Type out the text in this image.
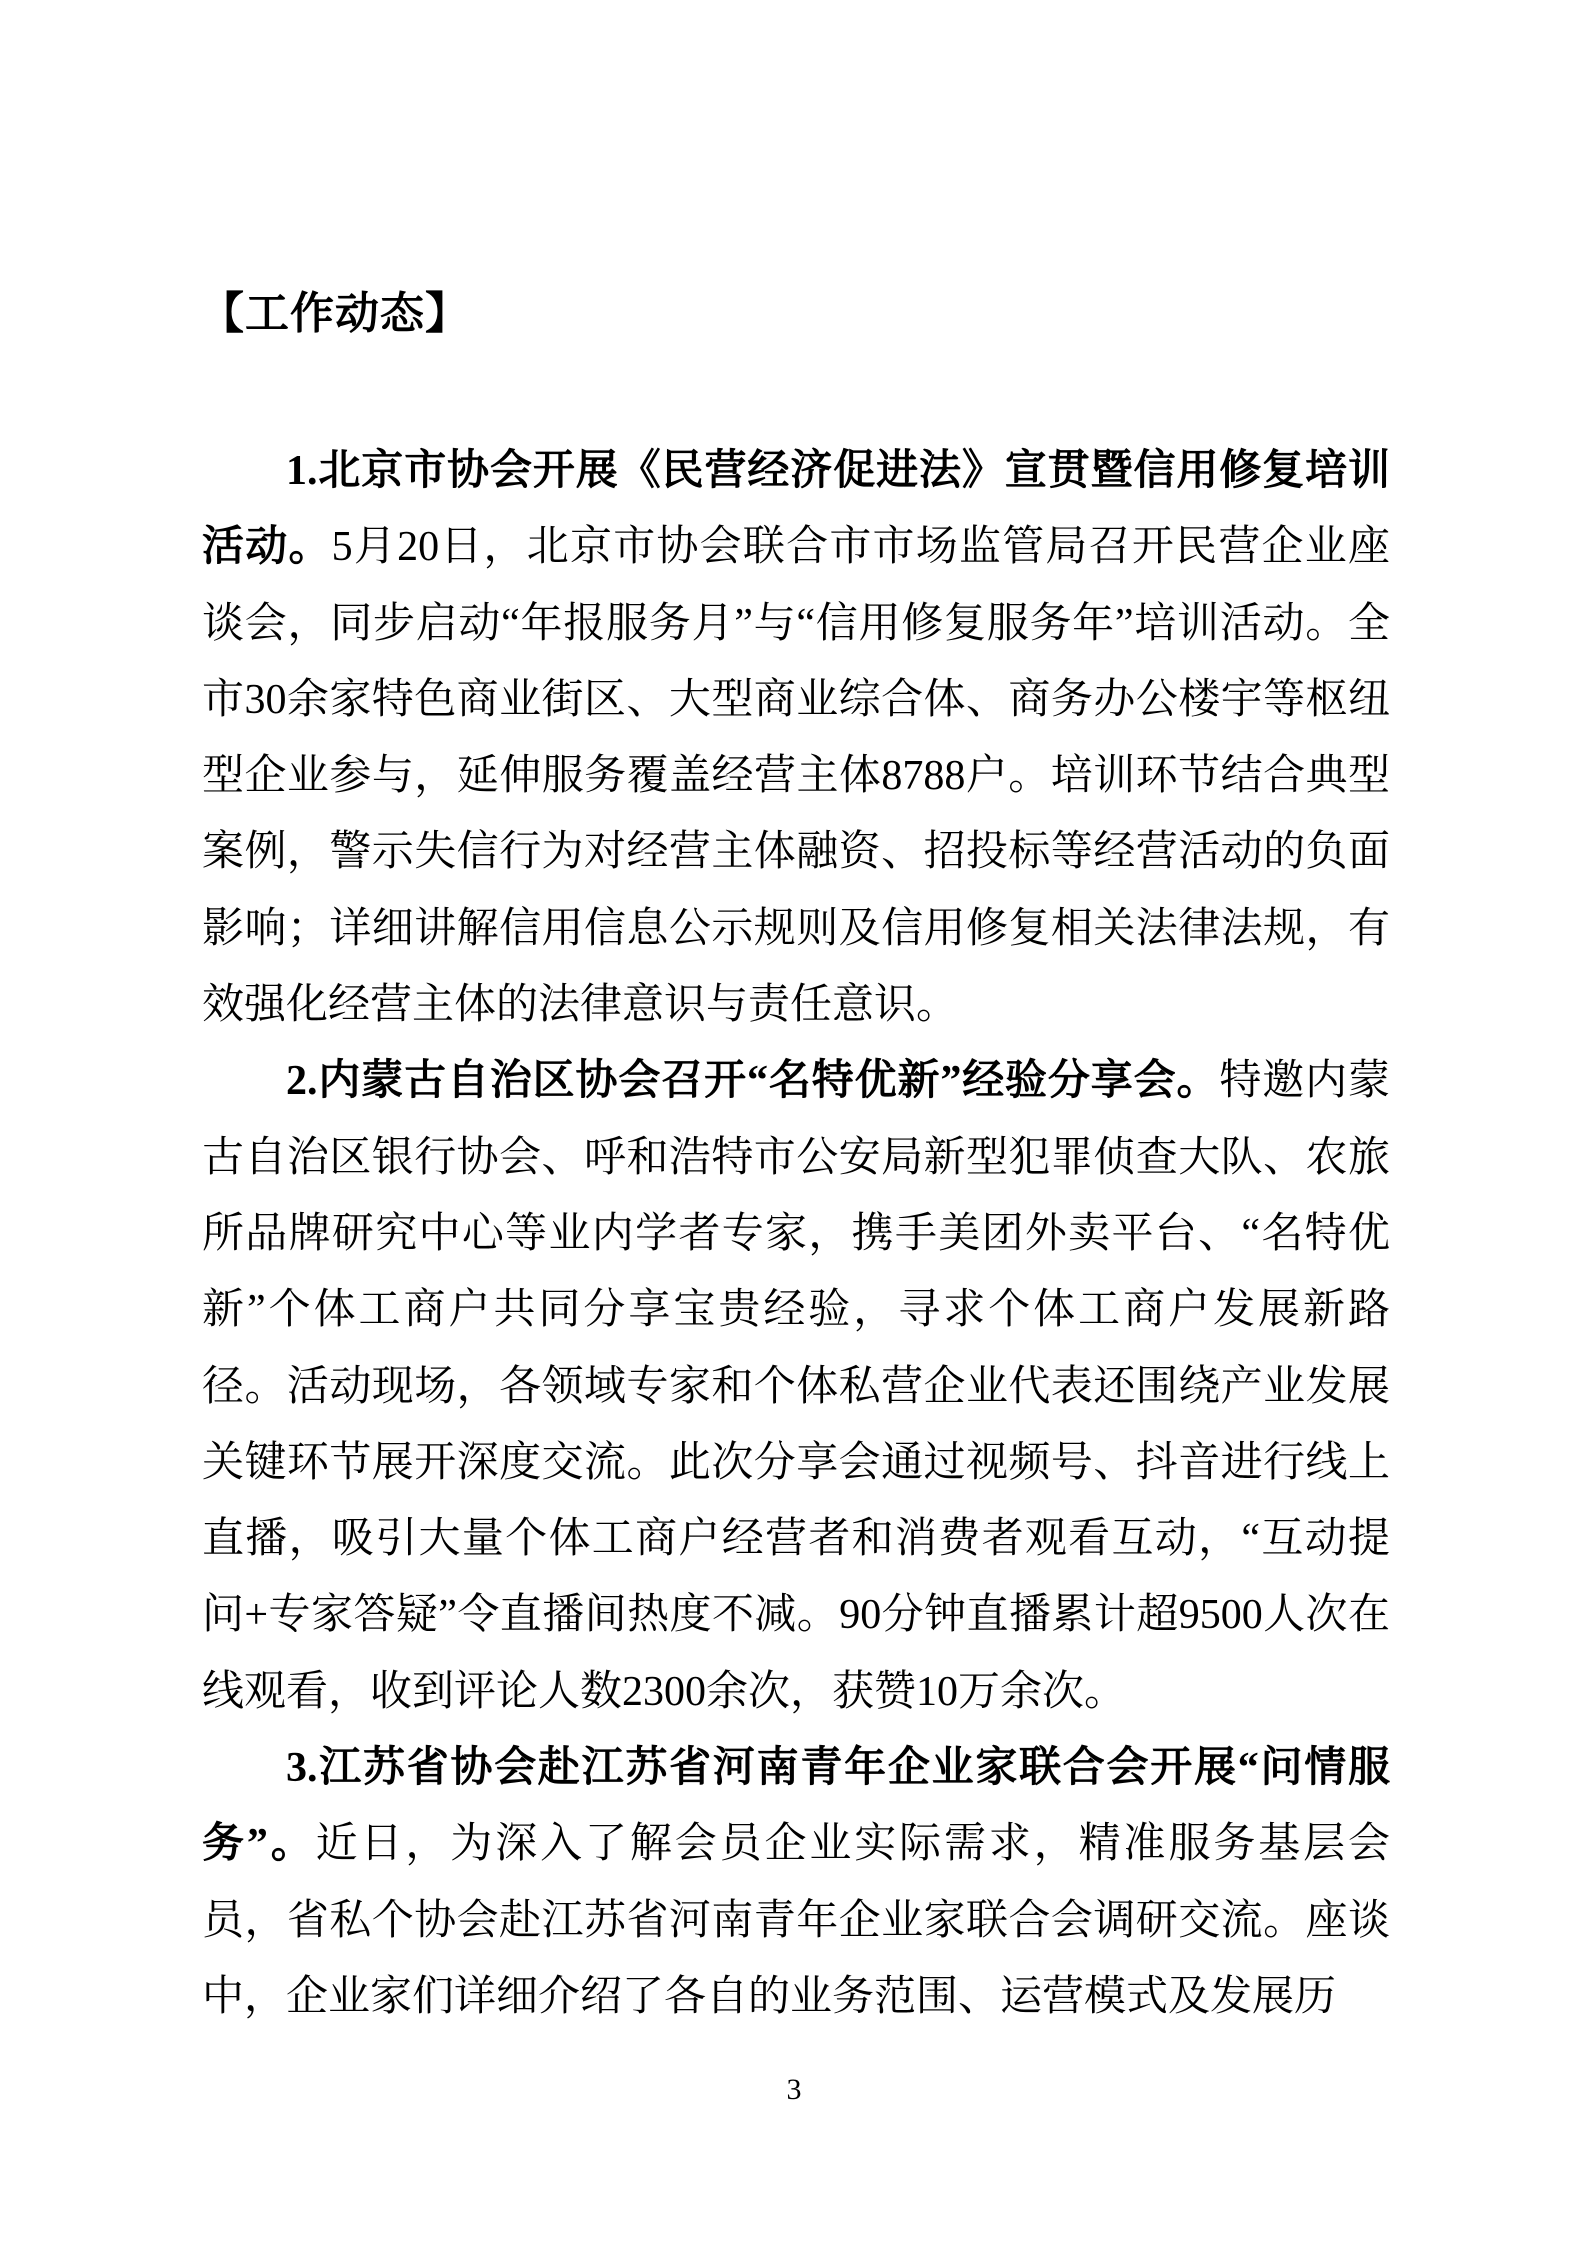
【工作动态】

1.北京市协会开展《民营经济促进法》宣贯暨信用修复培训活动。5月20日，北京市协会联合市市场监管局召开民营企业座谈会，同步启动“年报服务月”与“信用修复服务年”培训活动。全市30余家特色商业街区、大型商业综合体、商务办公楼宇等枢纽型企业参与，延伸服务覆盖经营主体8788户。培训环节结合典型案例，警示失信行为对经营主体融资、招投标等经营活动的负面影响；详细讲解信用信息公示规则及信用修复相关法律法规，有效强化经营主体的法律意识与责任意识。

2.内蒙古自治区协会召开“名特优新”经验分享会。特邀内蒙古自治区银行协会、呼和浩特市公安局新型犯罪侦查大队、农旅所品牌研究中心等业内学者专家，携手美团外卖平台、“名特优新”个体工商户共同分享宝贵经验，寻求个体工商户发展新路径。活动现场，各领域专家和个体私营企业代表还围绕产业发展关键环节展开深度交流。此次分享会通过视频号、抖音进行线上直播，吸引大量个体工商户经营者和消费者观看互动，“互动提问+专家答疑”令直播间热度不减。90分钟直播累计超9500人次在线观看，收到评论人数2300余次，获赞10万余次。

3.江苏省协会赴江苏省河南青年企业家联合会开展“问情服务”。近日，为深入了解会员企业实际需求，精准服务基层会员，省私个协会赴江苏省河南青年企业家联合会调研交流。座谈中，企业家们详细介绍了各自的业务范围、运营模式及发展历

3
